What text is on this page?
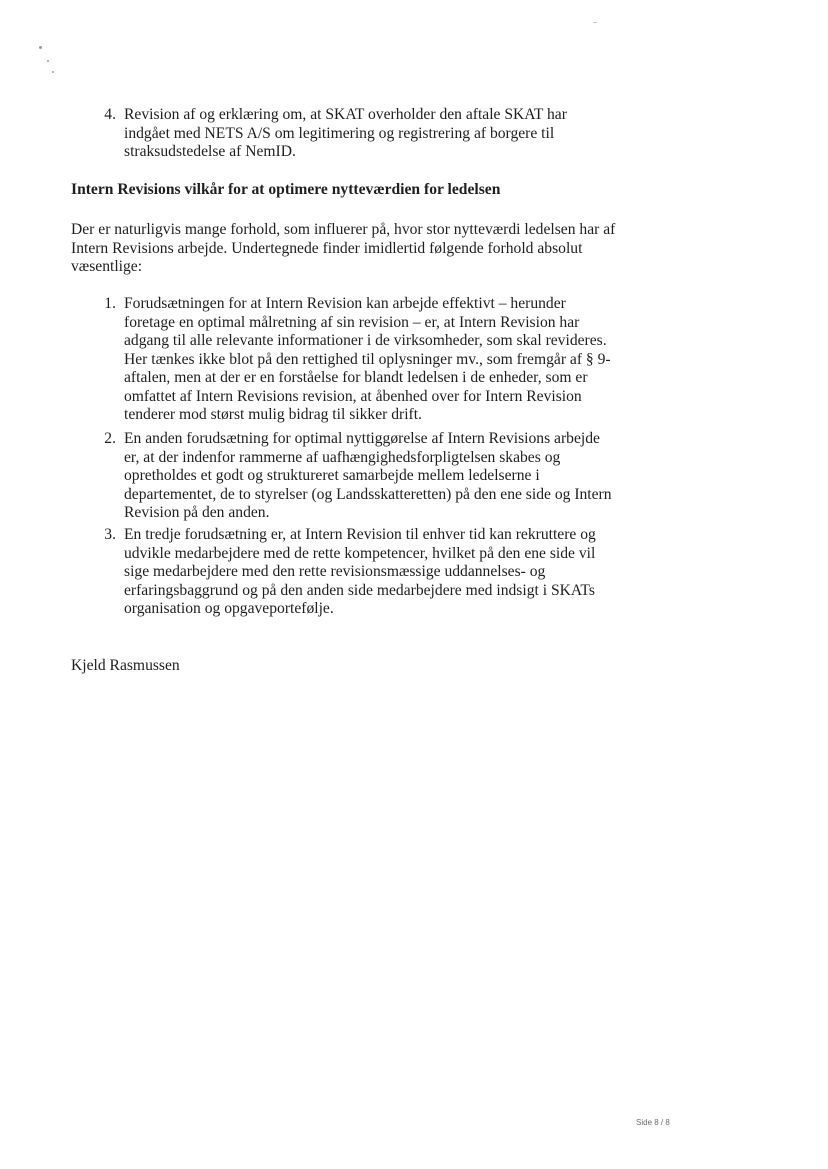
4. Revision af og erklæring om, at SKAT overholder den aftale SKAT har indgået med NETS A/S om legitimering og registrering af borgere til straksudstedelse af NemID.
Intern Revisions vilkår for at optimere nytteværdien for ledelsen
Der er naturligvis mange forhold, som influerer på, hvor stor nytteværdi ledelsen har af Intern Revisions arbejde. Undertegnede finder imidlertid følgende forhold absolut væsentlige:
1. Forudsætningen for at Intern Revision kan arbejde effektivt – herunder foretage en optimal målretning af sin revision – er, at Intern Revision har adgang til alle relevante informationer i de virksomheder, som skal revideres. Her tænkes ikke blot på den rettighed til oplysninger mv., som fremgår af § 9-aftalen, men at der er en forståelse for blandt ledelsen i de enheder, som er omfattet af Intern Revisions revision, at åbenhed over for Intern Revision tenderer mod størst mulig bidrag til sikker drift.
2. En anden forudsætning for optimal nyttiggørelse af Intern Revisions arbejde er, at der indenfor rammerne af uafhængighedsforpligtelsen skabes og opretholdes et godt og struktureret samarbejde mellem ledelserne i departementet, de to styrelser (og Landsskatteretten) på den ene side og Intern Revision på den anden.
3. En tredje forudsætning er, at Intern Revision til enhver tid kan rekruttere og udvikle medarbejdere med de rette kompetencer, hvilket på den ene side vil sige medarbejdere med den rette revisionsmæssige uddannelses- og erfaringsbaggrund og på den anden side medarbejdere med indsigt i SKATs organisation og opgaveportefølje.
Kjeld Rasmussen
Side 8 / 8
